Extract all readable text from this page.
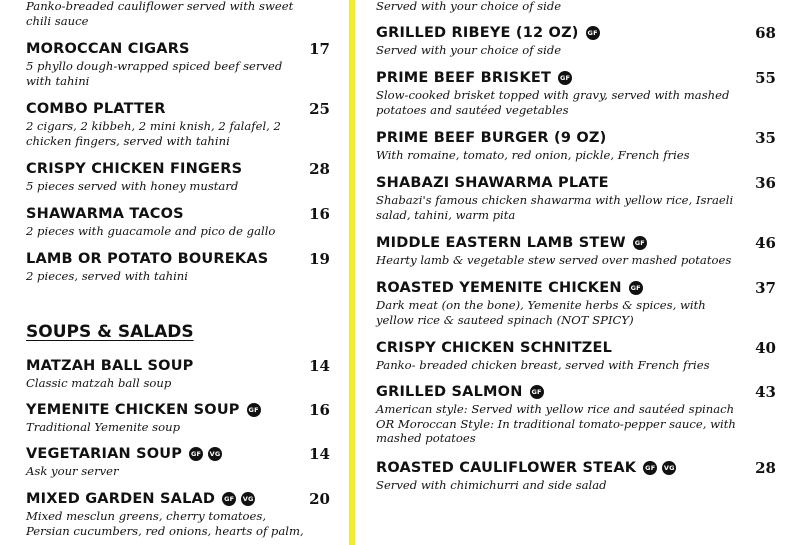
Panko-breaded cauliflower served with sweet
chili sauce
MOROCCAN CIGARS	17
5 phyllo dough-wrapped spiced beef served
with tahini
COMBO PLATTER	25
2 cigars, 2 kibbeh, 2 mini knish, 2 falafel, 2
chicken fingers, served with tahini
CRISPY CHICKEN FINGERS	28
5 pieces served with honey mustard
SHAWARMA TACOS	16
2 pieces with guacamole and pico de gallo
LAMB OR POTATO BOUREKAS	19
2 pieces, served with tahini
SOUPS & SALADS
MATZAH BALL SOUP	14
Classic matzah ball soup
YEMENITE CHICKEN SOUP GF	16
Traditional Yemenite soup
VEGETARIAN SOUP GF VG	14
Ask your server
MIXED GARDEN SALAD GF VG	20
Mixed mesclun greens, cherry tomatoes,
Persian cucumbers, red onions, hearts of palm,
Served with your choice of side
GRILLED RIBEYE (12 OZ) GF	68
Served with your choice of side
PRIME BEEF BRISKET GF	55
Slow-cooked brisket topped with gravy, served with mashed
potatoes and sautéed vegetables
PRIME BEEF BURGER (9 OZ)	35
With romaine, tomato, red onion, pickle, French fries
SHABAZI SHAWARMA PLATE	36
Shabazi's famous chicken shawarma with yellow rice, Israeli
salad, tahini, warm pita
MIDDLE EASTERN LAMB STEW GF	46
Hearty lamb & vegetable stew served over mashed potatoes
ROASTED YEMENITE CHICKEN GF	37
Dark meat (on the bone), Yemenite herbs & spices, with
yellow rice & sauteed spinach (NOT SPICY)
CRISPY CHICKEN SCHNITZEL	40
Panko- breaded chicken breast, served with French fries
GRILLED SALMON GF	43
American style: Served with yellow rice and sautéed spinach
OR Moroccan Style: In traditional tomato-pepper sauce, with
mashed potatoes
ROASTED CAULIFLOWER STEAK GF VG	28
Served with chimichurri and side salad
